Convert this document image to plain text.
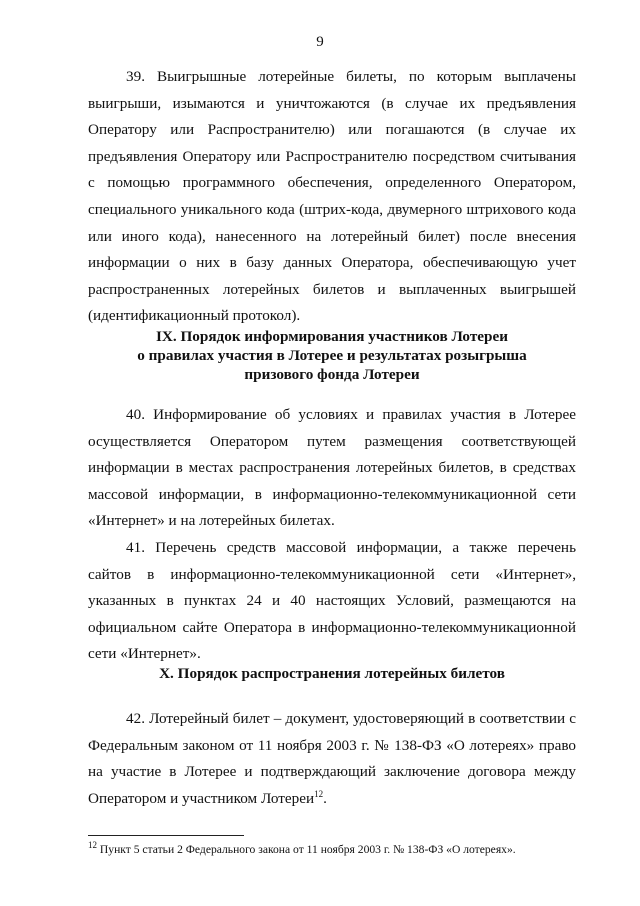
9

39. Выигрышные лотерейные билеты, по которым выплачены выигрыши, изымаются и уничтожаются (в случае их предъявления Оператору или Распространителю) или погашаются (в случае их предъявления Оператору или Распространителю посредством считывания с помощью программного обеспечения, определенного Оператором, специального уникального кода (штрих-кода, двумерного штрихового кода или иного кода), нанесенного на лотерейный билет) после внесения информации о них в базу данных Оператора, обеспечивающую учет распространенных лотерейных билетов и выплаченных выигрышей (идентификационный протокол).

IX. Порядок информирования участников Лотереи
о правилах участия в Лотерее и результатах розыгрыша
призового фонда Лотереи

40. Информирование об условиях и правилах участия в Лотерее осуществляется Оператором путем размещения соответствующей информации в местах распространения лотерейных билетов, в средствах массовой информации, в информационно-телекоммуникационной сети «Интернет» и на лотерейных билетах.

41. Перечень средств массовой информации, а также перечень сайтов в информационно-телекоммуникационной сети «Интернет», указанных в пунктах 24 и 40 настоящих Условий, размещаются на официальном сайте Оператора в информационно-телекоммуникационной сети «Интернет».

X. Порядок распространения лотерейных билетов

42. Лотерейный билет – документ, удостоверяющий в соответствии с Федеральным законом от 11 ноября 2003 г. № 138-ФЗ «О лотереях» право на участие в Лотерее и подтверждающий заключение договора между Оператором и участником Лотереи$^{12}$.

$^{12}$ Пункт 5 статьи 2 Федерального закона от 11 ноября 2003 г. № 138-ФЗ «О лотереях».
